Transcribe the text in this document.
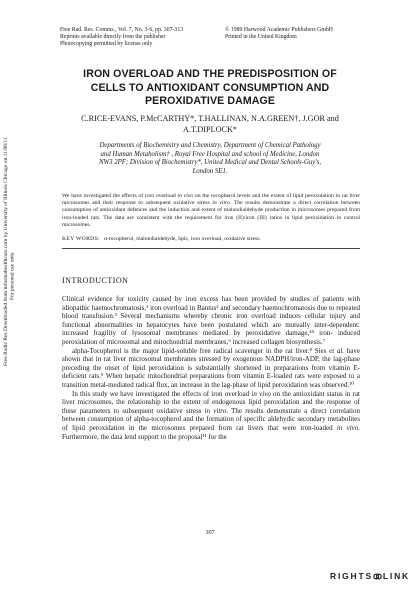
Free Rad. Res. Comms., Vol. 7, No. 3-6, pp. 307-313
Reprints available directly from the publisher
Photocopying permitted by license only
© 1989 Harwood Academic Publishers GmbH
Printed in the United Kingdom
Free Radic Res Downloaded from informahealthcare.com by University of Illinois Chicago on 11/06/11 For personal use only.
IRON OVERLOAD AND THE PREDISPOSITION OF
CELLS TO ANTIOXIDANT CONSUMPTION AND
PEROXIDATIVE DAMAGE
C.RICE-EVANS, P.McCARTHY*, T.HALLINAN, N.A.GREEN†, J.GOR and
A.T.DIPLOCK*
Departments of Biochemistry and Chemistry, Department of Chemical Pathology
and Human Metabolism† , Royal Free Hospital and school of Medicine, London
NW3 2PF; Division of Biochemistry*, United Medical and Dental Schools-Guy's,
London SE1.
We have investigated the effects of iron overload in vivo on the tocopherol levels and the extent of lipid peroxidation in rat liver microsomes and their response to subsequent oxidative stress in vitro. The results demonstrate a direct correlation between consumption of antioxidant defences and the induction and extent of malondialdehyde production in microsomes prepared from iron-loaded rats. The data are consistent with the requirement for iron (II)/iron (III) ratios in lipid peroxidation in control microsomes.
KEY WORDS: α-tocopherol, malondialdehyde, hplc, iron overload, oxidative stress.
INTRODUCTION

Clinical evidence for toxicity caused by iron excess has been provided by studies of patients with idiopathic haemochromatosis,¹ iron overload in Bantus² and secondary haemochromatosis due to repeated blood transfusion.³ Several mechanisms whereby chronic iron overload induces cellular injury and functional abnormalities in hepatocytes have been postulated which are mutually inter-dependent: increased fragility of lysosomal membranes mediated by peroxidative damage,⁴⁵ iron- induced peroxidation of microsomal and mitochondrial membranes,⁶ increased collagen biosynthesis.⁷

alpha-Tocopherol is the major lipid-soluble free radical scavenger in the rat liver.⁸ Sies et al. have shown that in rat liver microsomal membranes stressed by exogenous NADPH/iron-ADP, the lag-phase preceding the onset of lipid peroxidation is substantially shortened in preparations from vitamin E-deficient rats.⁹ When hepatic mitochondrial preparations from vitamin E-loaded rats were exposed to a transition metal-mediated radical flux, an increase in the lag-phase of lipid peroxidation was observed.¹⁰

In this study we have investigated the effects of iron overload in vivo on the antioxidant status in rat liver microsomes, the relationship to the extent of endogenous lipid peroxidation and the response of these parameters to subsequent oxidative stress in vitro. The results demonstrate a direct correlation between consumption of alpha-tocopherol and the formation of specific aldehydic secondary metabolites of lipid peroxidation in the microsomes prepared from rat livers that were iron-loaded in vivo. Furthermore, the data lend support to the proposal¹¹ for the

307
RIGHTS LINK
